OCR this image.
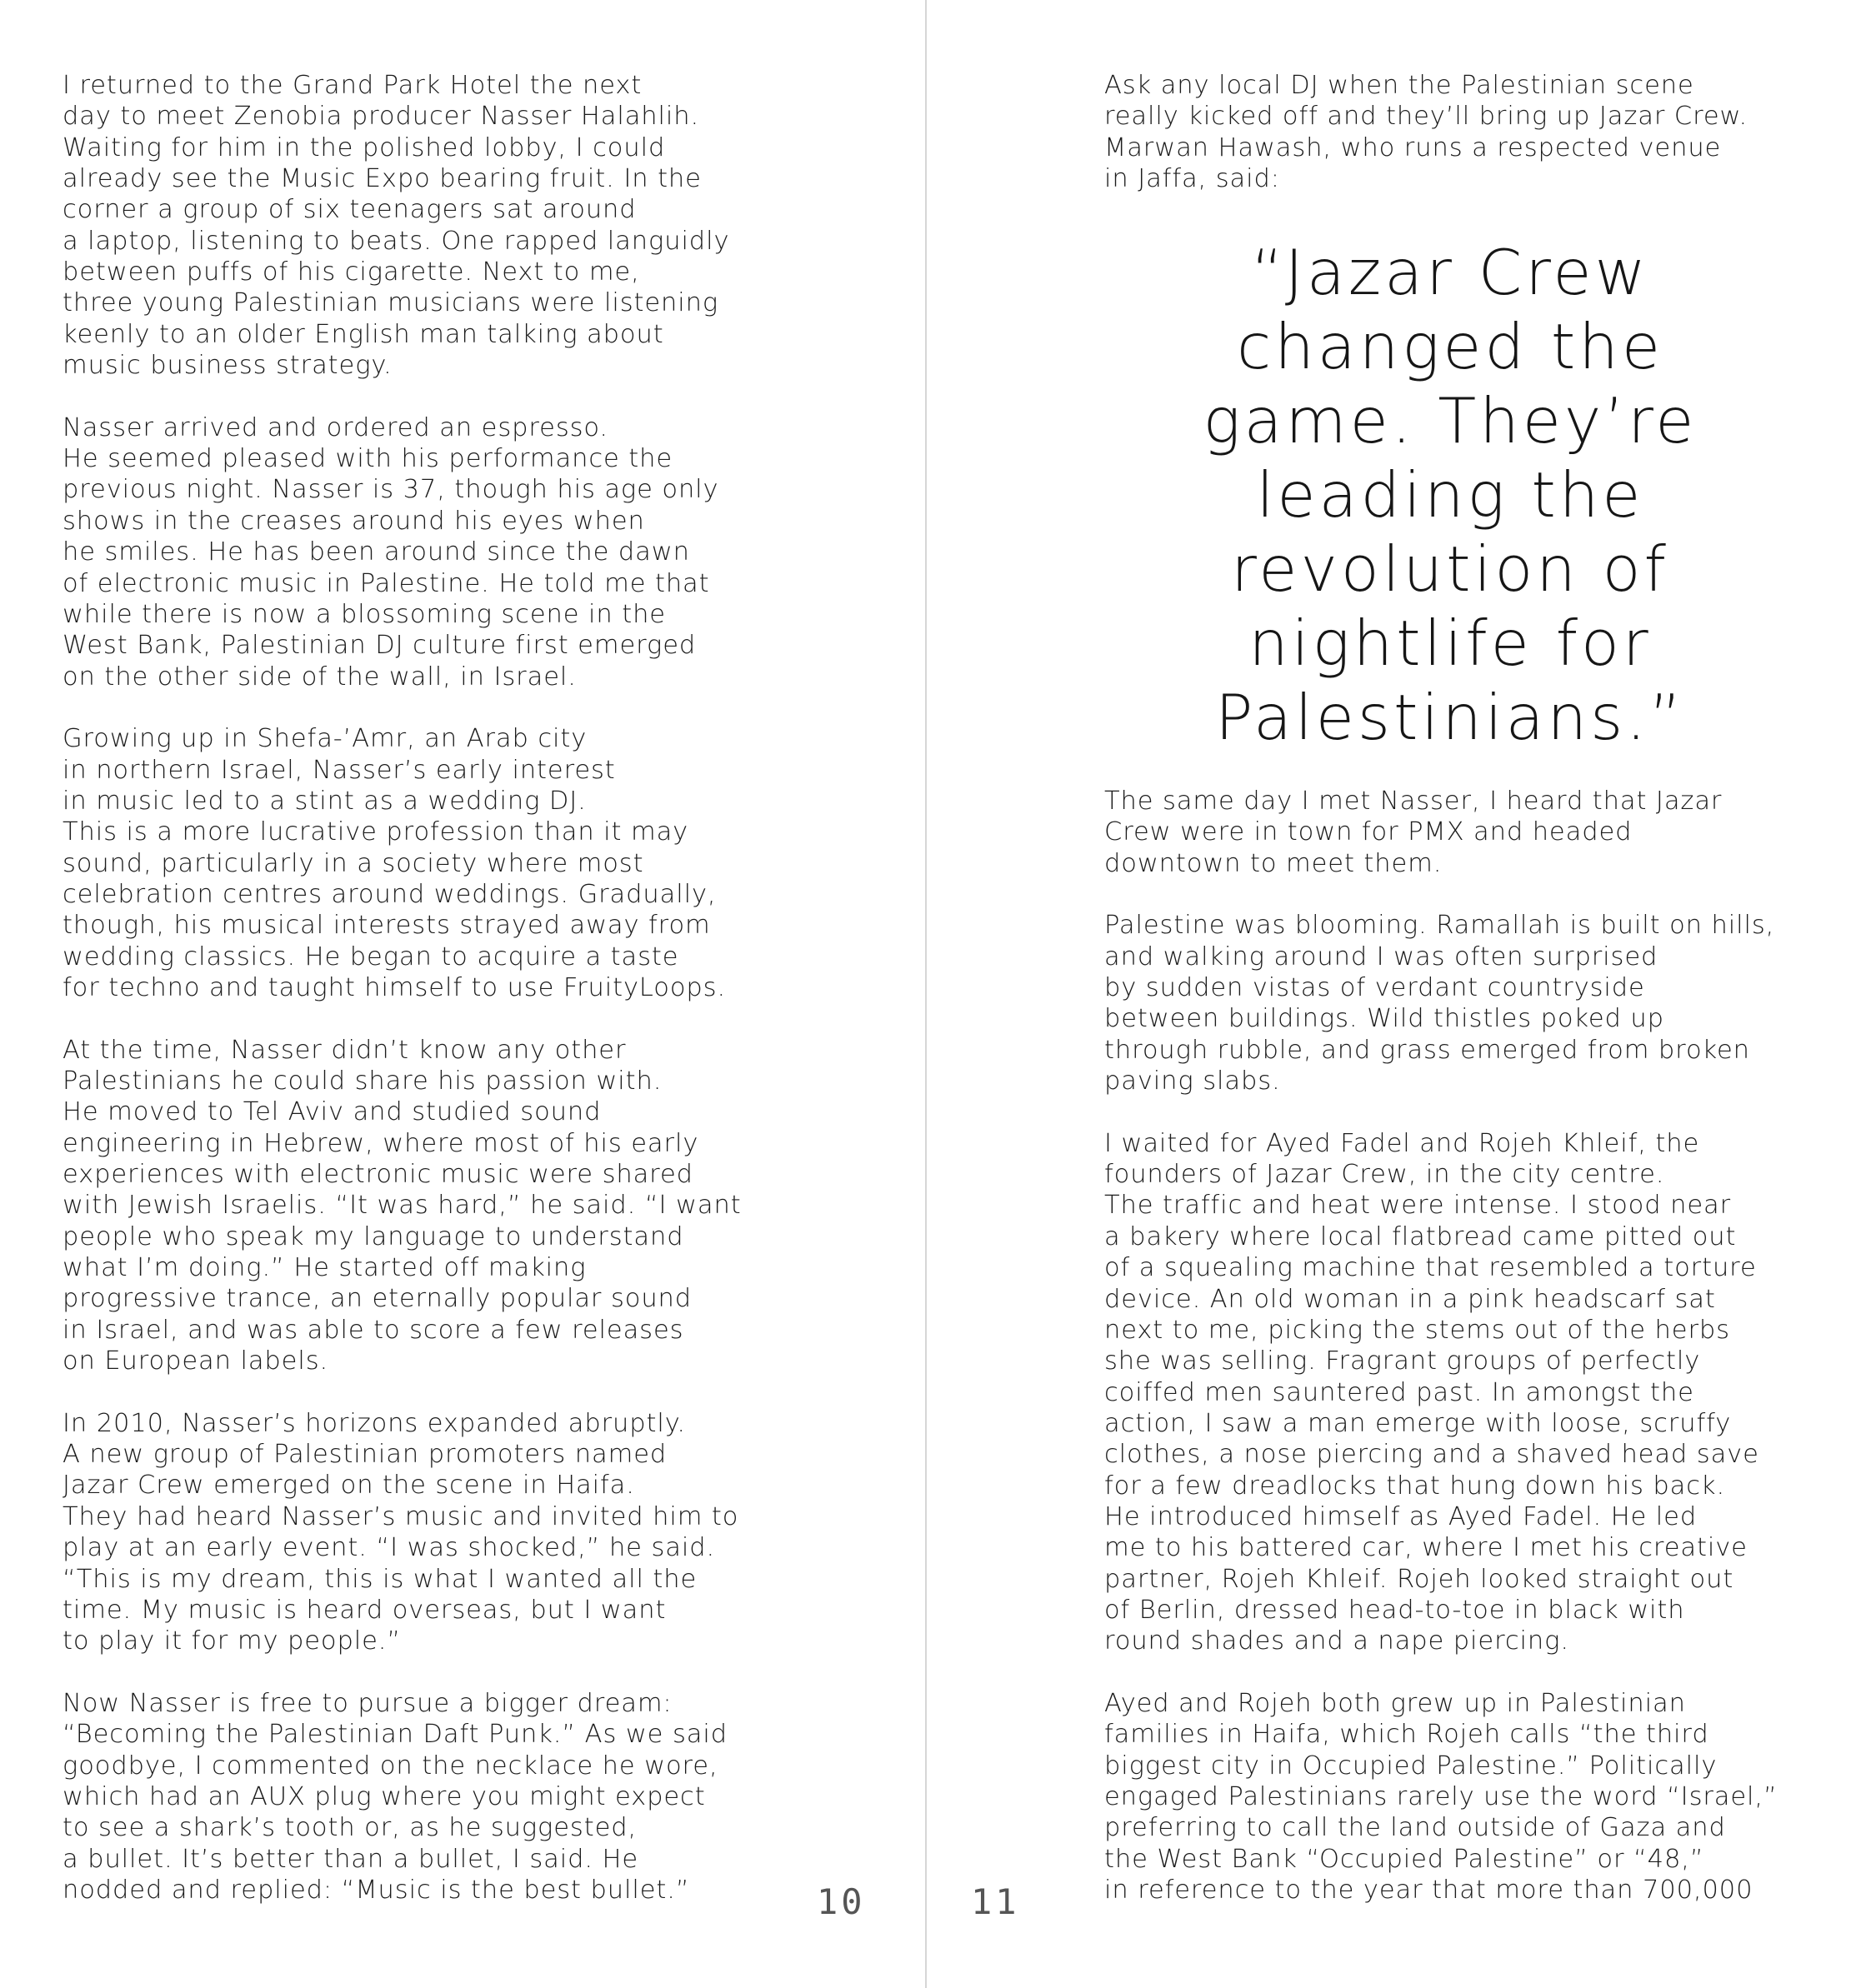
I returned to the Grand Park Hotel the next
day to meet Zenobia producer Nasser Halahlih.
Waiting for him in the polished lobby, I could
already see the Music Expo bearing fruit. In the
corner a group of six teenagers sat around
a laptop, listening to beats. One rapped languidly
between puffs of his cigarette. Next to me,
three young Palestinian musicians were listening
keenly to an older English man talking about
music business strategy.
Nasser arrived and ordered an espresso.
He seemed pleased with his performance the
previous night. Nasser is 37, though his age only
shows in the creases around his eyes when
he smiles. He has been around since the dawn
of electronic music in Palestine. He told me that
while there is now a blossoming scene in the
West Bank, Palestinian DJ culture first emerged
on the other side of the wall, in Israel.
Growing up in Shefa-’Amr, an Arab city
in northern Israel, Nasser’s early interest
in music led to a stint as a wedding DJ.
This is a more lucrative profession than it may
sound, particularly in a society where most
celebration centres around weddings. Gradually,
though, his musical interests strayed away from
wedding classics. He began to acquire a taste
for techno and taught himself to use FruityLoops.
At the time, Nasser didn’t know any other
Palestinians he could share his passion with.
He moved to Tel Aviv and studied sound
engineering in Hebrew, where most of his early
experiences with electronic music were shared
with Jewish Israelis. “It was hard,” he said. “I want
people who speak my language to understand
what I’m doing.” He started off making
progressive trance, an eternally popular sound
in Israel, and was able to score a few releases
on European labels.
In 2010, Nasser’s horizons expanded abruptly.
A new group of Palestinian promoters named
Jazar Crew emerged on the scene in Haifa.
They had heard Nasser’s music and invited him to
play at an early event. “I was shocked,” he said.
“This is my dream, this is what I wanted all the
time. My music is heard overseas, but I want
to play it for my people.”
Now Nasser is free to pursue a bigger dream:
“Becoming the Palestinian Daft Punk.” As we said
goodbye, I commented on the necklace he wore,
which had an AUX plug where you might expect
to see a shark’s tooth or, as he suggested,
a bullet. It’s better than a bullet, I said. He
nodded and replied: “Music is the best bullet.”
Ask any local DJ when the Palestinian scene
really kicked off and they’ll bring up Jazar Crew.
Marwan Hawash, who runs a respected venue
in Jaffa, said:
“Jazar Crew
changed the
game. They’re
leading the
revolution of
nightlife for
Palestinians.”
The same day I met Nasser, I heard that Jazar
Crew were in town for PMX and headed
downtown to meet them.
Palestine was blooming. Ramallah is built on hills,
and walking around I was often surprised
by sudden vistas of verdant countryside
between buildings. Wild thistles poked up
through rubble, and grass emerged from broken
paving slabs.
I waited for Ayed Fadel and Rojeh Khleif, the
founders of Jazar Crew, in the city centre.
The traffic and heat were intense. I stood near
a bakery where local flatbread came pitted out
of a squealing machine that resembled a torture
device. An old woman in a pink headscarf sat
next to me, picking the stems out of the herbs
she was selling. Fragrant groups of perfectly
coiffed men sauntered past. In amongst the
action, I saw a man emerge with loose, scruffy
clothes, a nose piercing and a shaved head save
for a few dreadlocks that hung down his back.
He introduced himself as Ayed Fadel. He led
me to his battered car, where I met his creative
partner, Rojeh Khleif. Rojeh looked straight out
of Berlin, dressed head-to-toe in black with
round shades and a nape piercing.
Ayed and Rojeh both grew up in Palestinian
families in Haifa, which Rojeh calls “the third
biggest city in Occupied Palestine.” Politically
engaged Palestinians rarely use the word “Israel,”
preferring to call the land outside of Gaza and
the West Bank “Occupied Palestine” or “48,”
in reference to the year that more than 700,000
10	11
